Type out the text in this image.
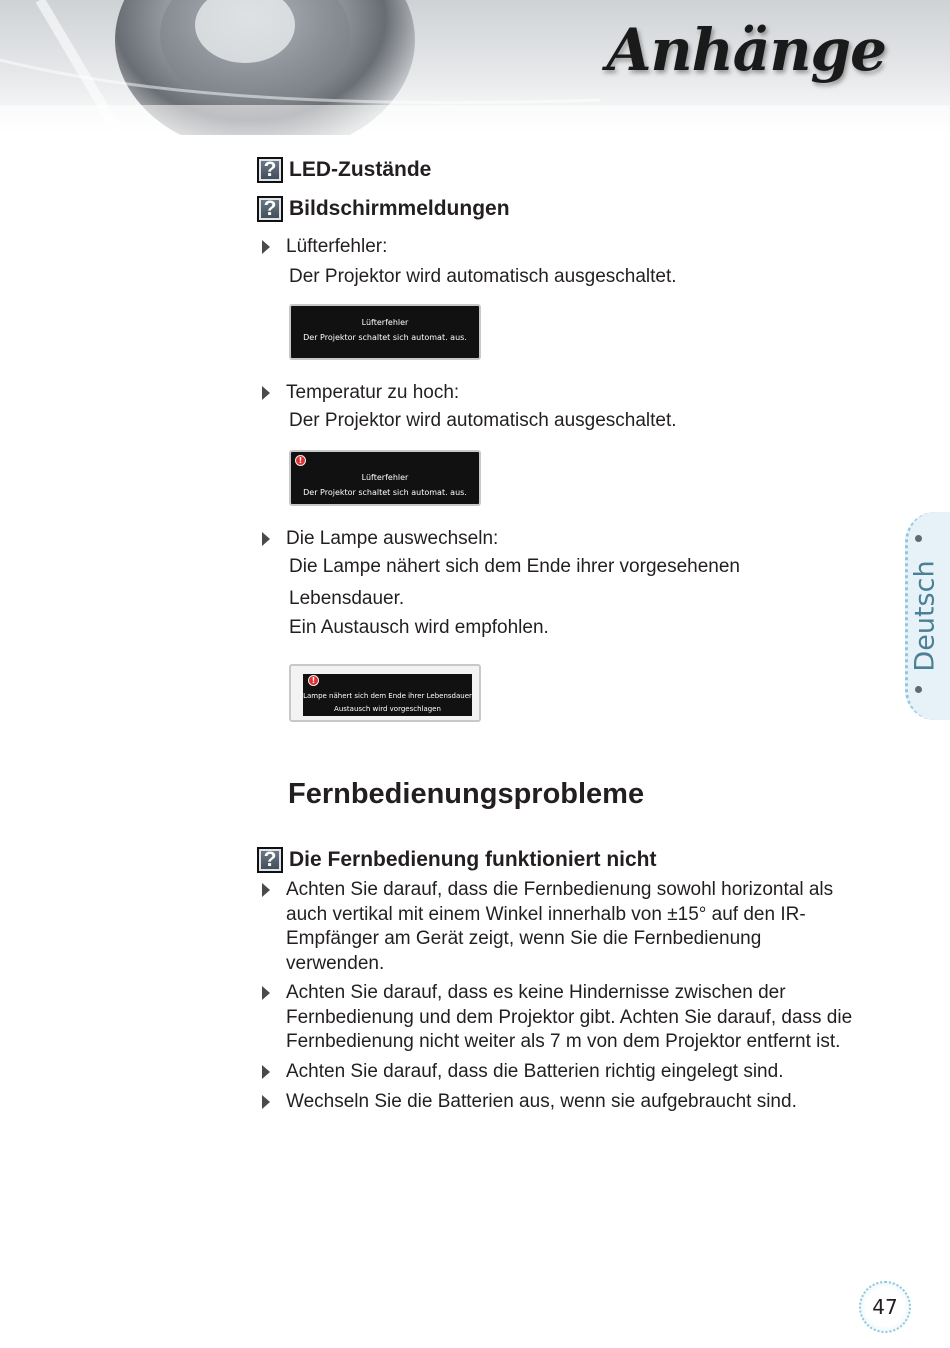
Anhänge
Deutsch
? LED-Zustände
? Bildschirmmeldungen
Lüfterfehler:
Der Projektor wird automatisch ausgeschaltet.
Lüfterfehler
Der Projektor schaltet sich automat. aus.
Temperatur zu hoch:
Der Projektor wird automatisch ausgeschaltet.
!
Lüfterfehler
Der Projektor schaltet sich automat. aus.
Die Lampe auswechseln:
Die Lampe nähert sich dem Ende ihrer vorgesehenen
Lebensdauer.
Ein Austausch wird empfohlen.
!
Lampe nähert sich dem Ende ihrer Lebensdauer
Austausch wird vorgeschlagen
Fernbedienungsprobleme
? Die Fernbedienung funktioniert nicht
Achten Sie darauf, dass die Fernbedienung sowohl horizontal als auch vertikal mit einem Winkel innerhalb von ±15° auf den IR-Empfänger am Gerät zeigt, wenn Sie die Fernbedienung verwenden.
Achten Sie darauf, dass es keine Hindernisse zwischen der Fernbedienung und dem Projektor gibt. Achten Sie darauf, dass die Fernbedienung nicht weiter als 7 m von dem Projektor entfernt ist.
Achten Sie darauf, dass die Batterien richtig eingelegt sind.
Wechseln Sie die Batterien aus, wenn sie aufgebraucht sind.
47
